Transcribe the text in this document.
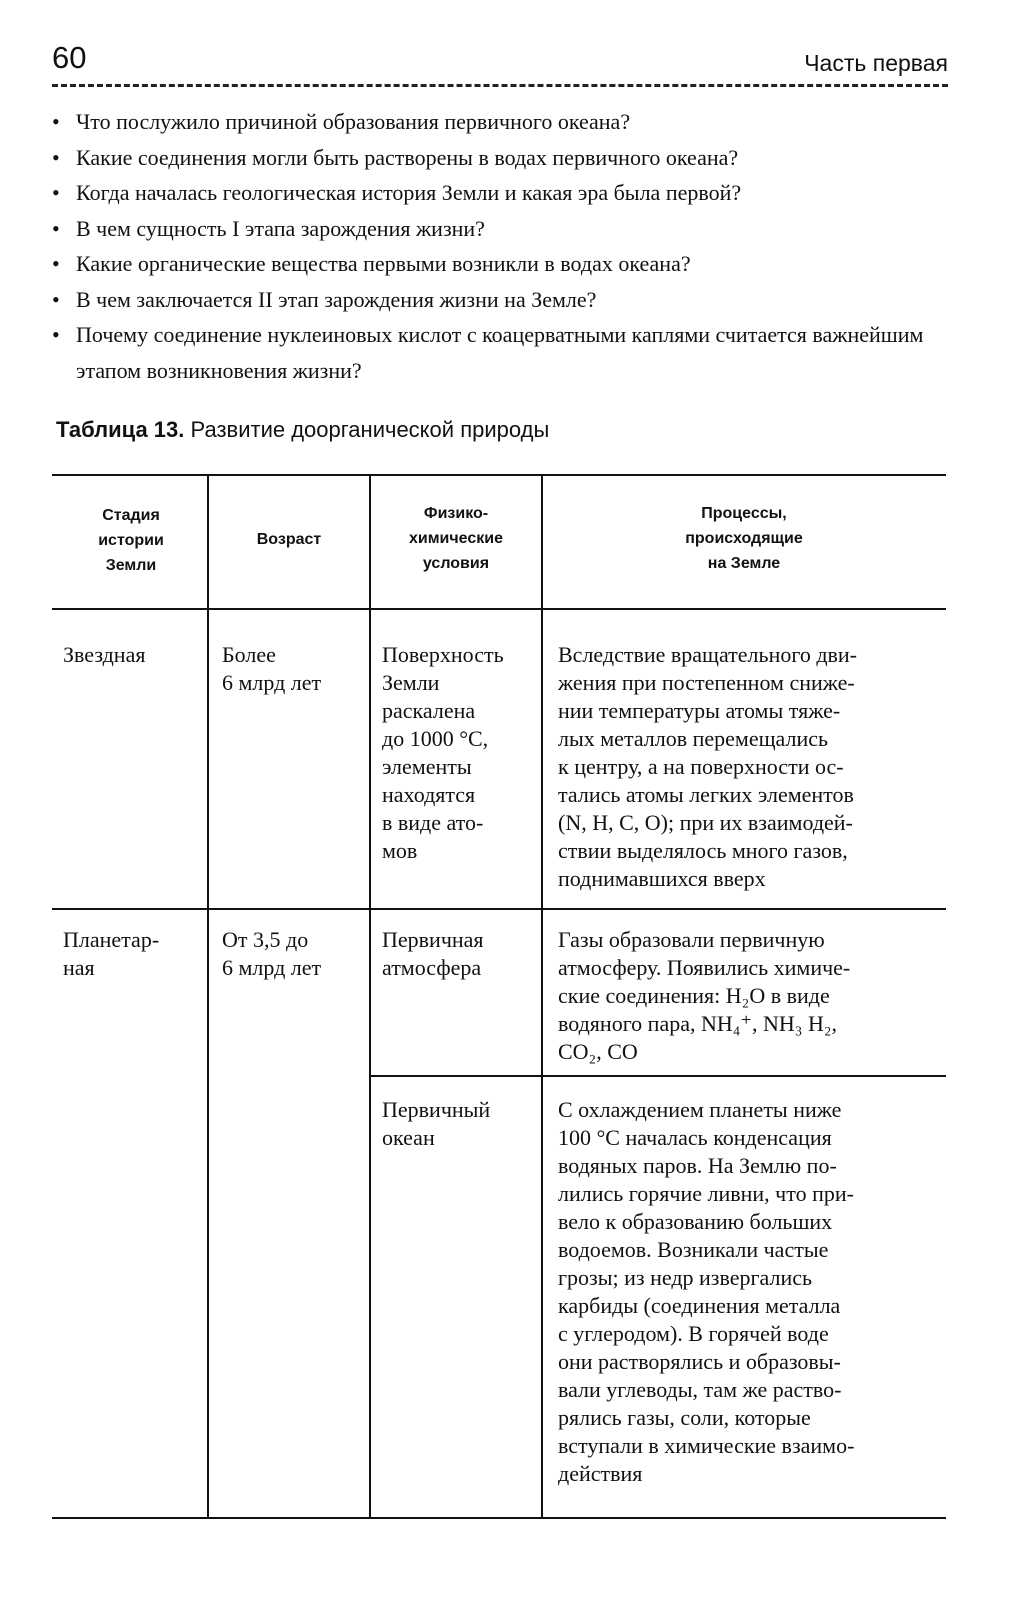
60	Часть первая
• Что послужило причиной образования первичного океана?
• Какие соединения могли быть растворены в водах первичного океана?
• Когда началась геологическая история Земли и какая эра была первой?
• В чем сущность I этапа зарождения жизни?
• Какие органические вещества первыми возникли в водах океана?
• В чем заключается II этап зарождения жизни на Земле?
• Почему соединение нуклеиновых кислот с коацерватными каплями считается важнейшим этапом возникновения жизни?
Таблица 13. Развитие доорганической природы
Стадия
истории
Земли
Возраст
Физико-
химические
условия
Процессы,
происходящие
на Земле
Звездная	Более
6 млрд лет
Поверхность
Земли
раскалена
до 1000 °С,
элементы
находятся
в виде ато-
мов
Вследствие вращательного дви-
жения при постепенном сниже-
нии температуры атомы тяже-
лых металлов перемещались
к центру, а на поверхности ос-
тались атомы легких элементов
(N, H, C, O); при их взаимодей-
ствии выделялось много газов,
поднимавшихся вверх
Планетар-
ная
От 3,5 до
6 млрд лет
Первичная
атмосфера
Газы образовали первичную
атмосферу. Появились химиче-
ские соединения: H₂O в виде
водяного пара, NH₄⁺, NH₃ H₂,
CO₂, CO
Первичный
океан
С охлаждением планеты ниже
100 °С началась конденсация
водяных паров. На Землю по-
лились горячие ливни, что при-
вело к образованию больших
водоемов. Возникали частые
грозы; из недр извергались
карбиды (соединения металла
с углеродом). В горячей воде
они растворялись и образовы-
вали углеводы, там же раство-
рялись газы, соли, которые
вступали в химические взаимо-
действия
